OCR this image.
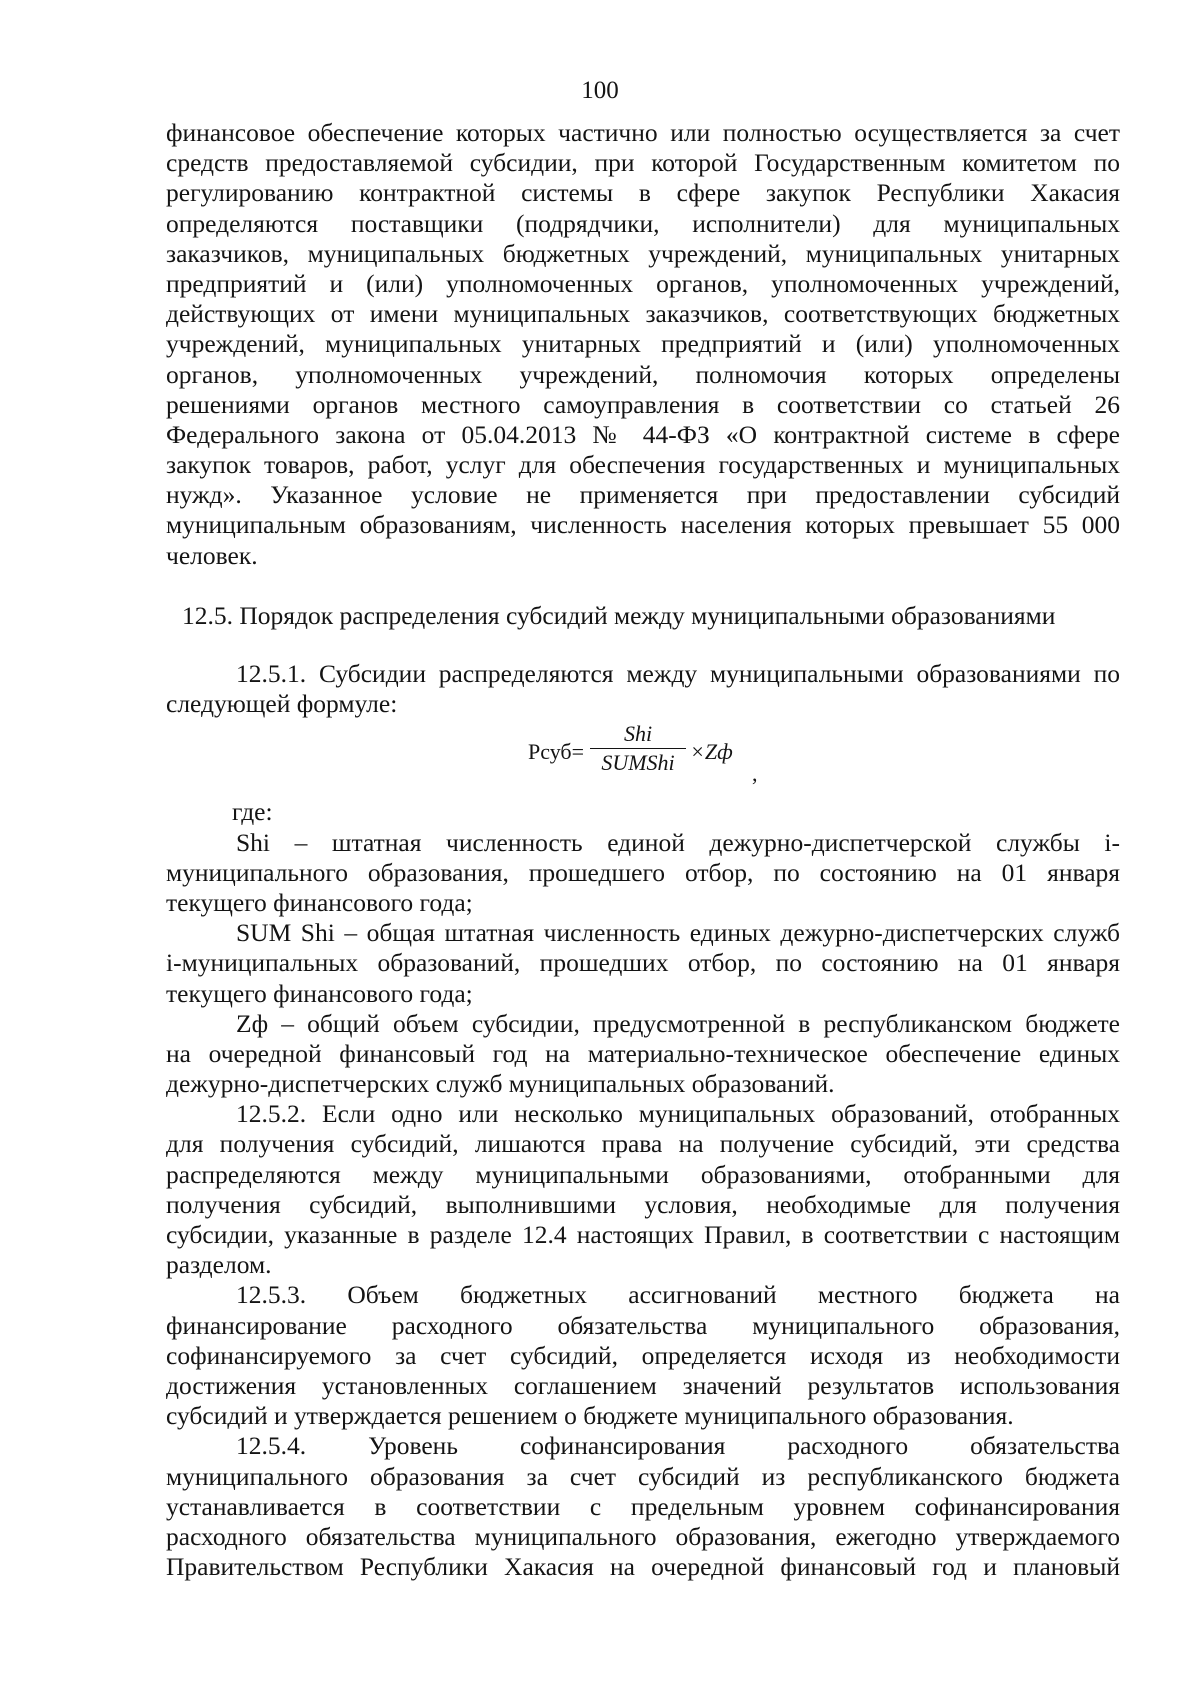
100
финансовое обеспечение которых частично или полностью осуществляется за счет
средств предоставляемой субсидии, при которой Государственным комитетом по
регулированию контрактной системы в сфере закупок Республики Хакасия
определяются поставщики (подрядчики, исполнители) для муниципальных
заказчиков, муниципальных бюджетных учреждений, муниципальных унитарных
предприятий и (или) уполномоченных органов, уполномоченных учреждений,
действующих от имени муниципальных заказчиков, соответствующих бюджетных
учреждений, муниципальных унитарных предприятий и (или) уполномоченных
органов, уполномоченных учреждений, полномочия которых определены
решениями органов местного самоуправления в соответствии со статьей 26
Федерального закона от 05.04.2013 № 44-ФЗ «О контрактной системе в сфере
закупок товаров, работ, услуг для обеспечения государственных и муниципальных
нужд». Указанное условие не применяется при предоставлении субсидий
муниципальным образованиям, численность населения которых превышает 55 000
человек.
12.5. Порядок распределения субсидий между муниципальными образованиями
12.5.1. Субсидии распределяются между муниципальными образованиями по
следующей формуле:
Рсуб=
Shi
SUMShi ×Zф
,
где:
Shi – штатная численность единой дежурно-диспетчерской службы i-
муниципального образования, прошедшего отбор, по состоянию на 01 января
текущего финансового года;
SUM Shi – общая штатная численность единых дежурно-диспетчерских служб
i-муниципальных образований, прошедших отбор, по состоянию на 01 января
текущего финансового года;
Zф – общий объем субсидии, предусмотренной в республиканском бюджете
на очередной финансовый год на материально-техническое обеспечение единых
дежурно-диспетчерских служб муниципальных образований.
12.5.2. Если одно или несколько муниципальных образований, отобранных
для получения субсидий, лишаются права на получение субсидий, эти средства
распределяются между муниципальными образованиями, отобранными для
получения субсидий, выполнившими условия, необходимые для получения
субсидии, указанные в разделе 12.4 настоящих Правил, в соответствии с настоящим
разделом.
12.5.3. Объем бюджетных ассигнований местного бюджета на
финансирование расходного обязательства муниципального образования,
софинансируемого за счет субсидий, определяется исходя из необходимости
достижения установленных соглашением значений результатов использования
субсидий и утверждается решением о бюджете муниципального образования.
12.5.4. Уровень софинансирования расходного обязательства
муниципального образования за счет субсидий из республиканского бюджета
устанавливается в соответствии с предельным уровнем софинансирования
расходного обязательства муниципального образования, ежегодно утверждаемого
Правительством Республики Хакасия на очередной финансовый год и плановый
